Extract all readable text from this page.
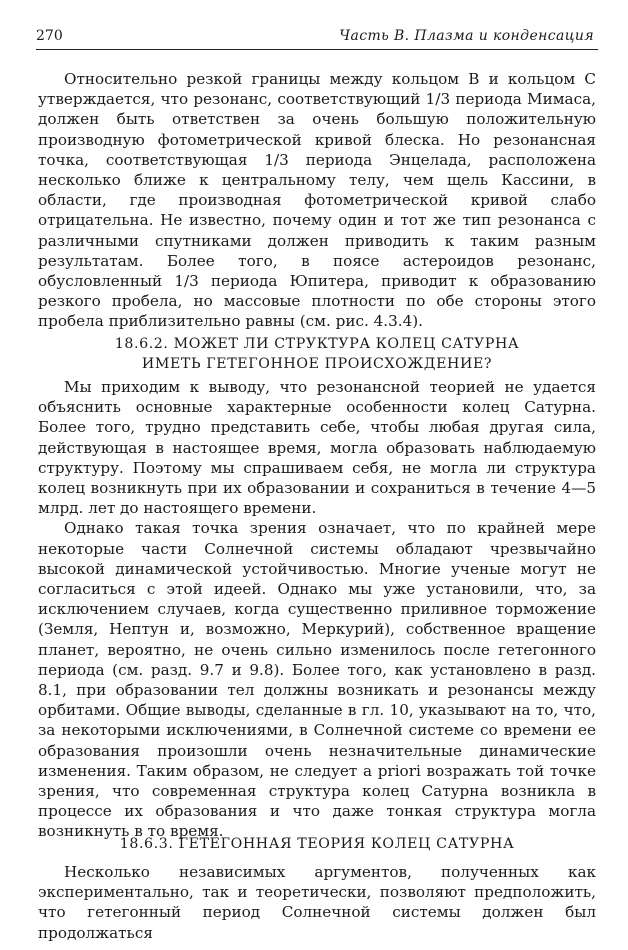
270	Часть В. Плазма и конденсация

Относительно резкой границы между кольцом В и кольцом С утверждается, что резонанс, соответствующий 1/3 периода Мимаса, должен быть ответствен за очень большую положительную производную фотометрической кривой блеска. Но резонансная точка, соответствующая 1/3 периода Энцелада, расположена несколько ближе к центральному телу, чем щель Кассини, в области, где производная фотометрической кривой слабо отрицательна. Не известно, почему один и тот же тип резонанса с различными спутниками должен приводить к таким разным результатам. Более того, в поясе астероидов резонанс, обусловленный 1/3 периода Юпитера, приводит к образованию резкого пробела, но массовые плотности по обе стороны этого пробела приблизительно равны (см. рис. 4.3.4).

18.6.2. МОЖЕТ ЛИ СТРУКТУРА КОЛЕЦ САТУРНА
ИМЕТЬ ГЕТЕГОННОЕ ПРОИСХОЖДЕНИЕ?

Мы приходим к выводу, что резонансной теорией не удается объяснить основные характерные особенности колец Сатурна. Более того, трудно представить себе, чтобы любая другая сила, действующая в настоящее время, могла образовать наблюдаемую структуру. Поэтому мы спрашиваем себя, не могла ли структура колец возникнуть при их образовании и сохраниться в течение 4—5 млрд. лет до настоящего времени.

Однако такая точка зрения означает, что по крайней мере некоторые части Солнечной системы обладают чрезвычайно высокой динамической устойчивостью. Многие ученые могут не согласиться с этой идеей. Однако мы уже установили, что, за исключением случаев, когда существенно приливное торможение (Земля, Нептун и, возможно, Меркурий), собственное вращение планет, вероятно, не очень сильно изменилось после гетегонного периода (см. разд. 9.7 и 9.8). Более того, как установлено в разд. 8.1, при образовании тел должны возникать и резонансы между орбитами. Общие выводы, сделанные в гл. 10, указывают на то, что, за некоторыми исключениями, в Солнечной системе со времени ее образования произошли очень незначительные динамические изменения. Таким образом, не следует a priori возражать той точке зрения, что современная структура колец Сатурна возникла в процессе их образования и что даже тонкая структура могла возникнуть в то время.

18.6.3. ГЕТЕГОННАЯ ТЕОРИЯ КОЛЕЦ САТУРНА

Несколько независимых аргументов, полученных как экспериментально, так и теоретически, позволяют предположить, что гетегонный период Солнечной системы должен был продолжаться
